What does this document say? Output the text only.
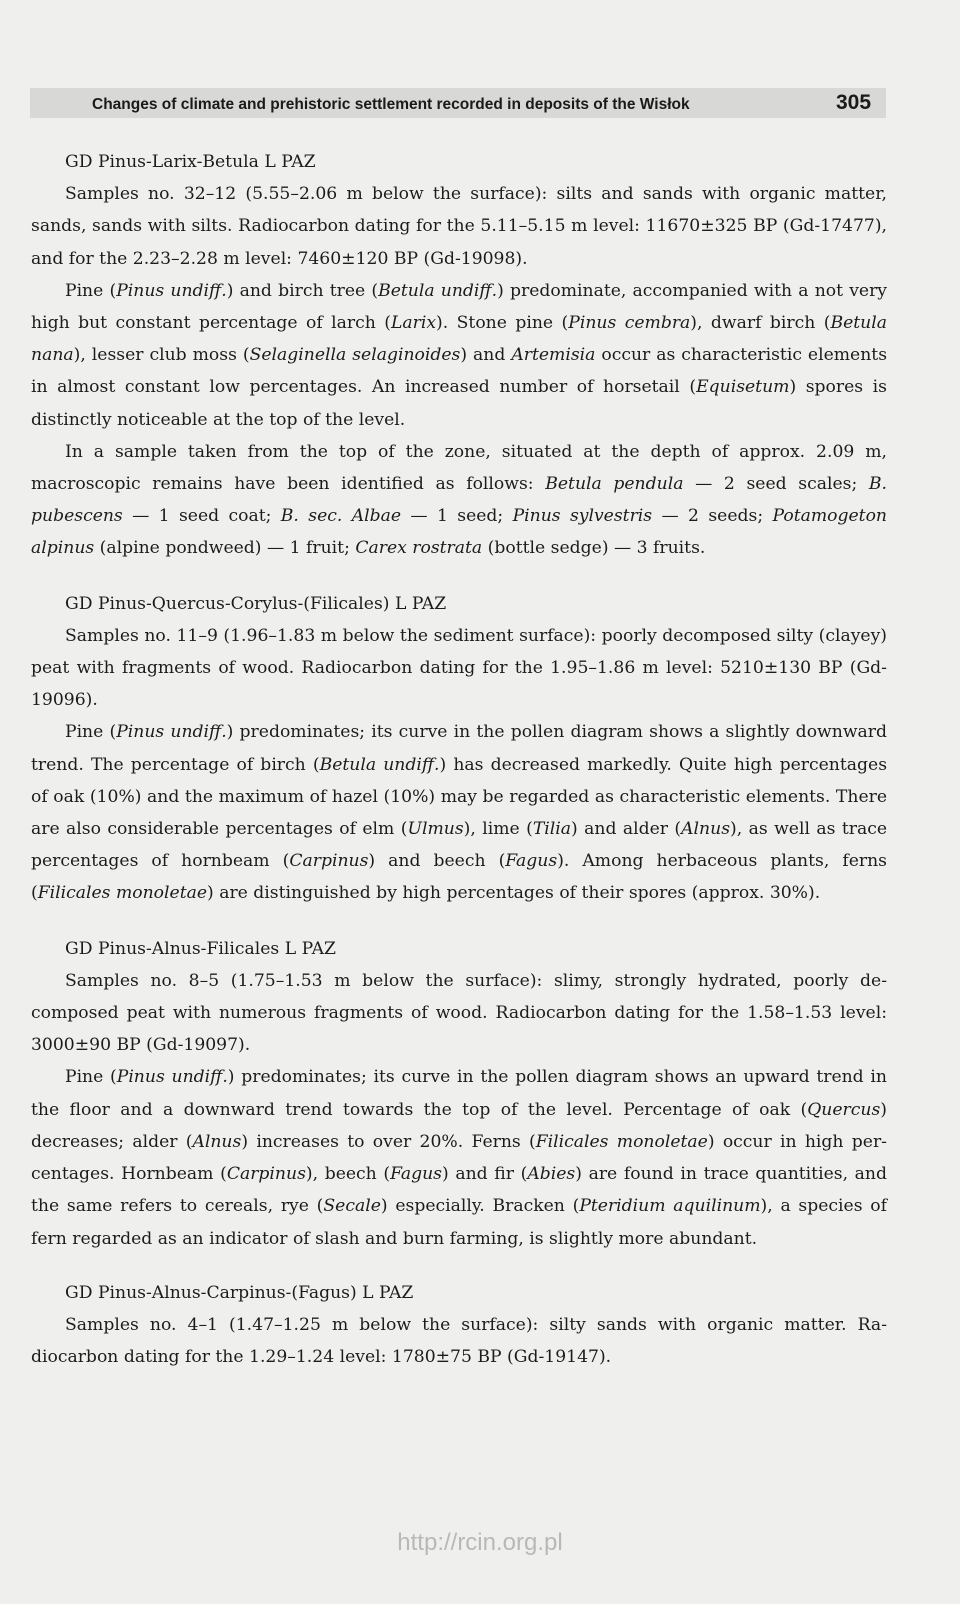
Changes of climate and prehistoric settlement recorded in deposits of the Wisłok	305

GD Pinus-Larix-Betula L PAZ

Samples no. 32–12 (5.55–2.06 m below the surface): silts and sands with organic matter, sands, sands with silts. Radiocarbon dating for the 5.11–5.15 m level: 11670±325 BP (Gd-17477), and for the 2.23–2.28 m level: 7460±120 BP (Gd-19098).

Pine (Pinus undiff.) and birch tree (Betula undiff.) predominate, accompanied with a not very high but constant percentage of larch (Larix). Stone pine (Pinus cembra), dwarf birch (Betula nana), lesser club moss (Selaginella selaginoides) and Artemisia occur as characteristic elements in almost constant low percentages. An increased number of horsetail (Equisetum) spores is distinctly noticeable at the top of the level.

In a sample taken from the top of the zone, situated at the depth of approx. 2.09 m, macroscopic remains have been identified as follows: Betula pendula — 2 seed scales; B. pubescens — 1 seed coat; B. sec. Albae — 1 seed; Pinus sylvestris — 2 seeds; Potamogeton alpinus (alpine pondweed) — 1 fruit; Carex rostrata (bottle sedge) — 3 fruits.

GD Pinus-Quercus-Corylus-(Filicales) L PAZ

Samples no. 11–9 (1.96–1.83 m below the sediment surface): poorly decomposed silty (clayey) peat with fragments of wood. Radiocarbon dating for the 1.95–1.86 m level: 5210±130 BP (Gd-19096).

Pine (Pinus undiff.) predominates; its curve in the pollen diagram shows a slightly downward trend. The percentage of birch (Betula undiff.) has decreased markedly. Quite high percentages of oak (10%) and the maximum of hazel (10%) may be regarded as characteristic elements. There are also considerable percentages of elm (Ulmus), lime (Tilia) and alder (Alnus), as well as trace percentages of hornbeam (Carpinus) and beech (Fagus). Among herbaceous plants, ferns (Filicales monoletae) are distinguished by high percentages of their spores (approx. 30%).

GD Pinus-Alnus-Filicales L PAZ

Samples no. 8–5 (1.75–1.53 m below the surface): slimy, strongly hydrated, poorly decomposed peat with numerous fragments of wood. Radiocarbon dating for the 1.58–1.53 level: 3000±90 BP (Gd-19097).

Pine (Pinus undiff.) predominates; its curve in the pollen diagram shows an upward trend in the floor and a downward trend towards the top of the level. Percentage of oak (Quercus) decreases; alder (Alnus) increases to over 20%. Ferns (Filicales monoletae) occur in high percentages. Hornbeam (Carpinus), beech (Fagus) and fir (Abies) are found in trace quantities, and the same refers to cereals, rye (Secale) especially. Bracken (Pteridium aquilinum), a species of fern regarded as an indicator of slash and burn farming, is slightly more abundant.

GD Pinus-Alnus-Carpinus-(Fagus) L PAZ

Samples no. 4–1 (1.47–1.25 m below the surface): silty sands with organic matter. Radiocarbon dating for the 1.29–1.24 level: 1780±75 BP (Gd-19147).

http://rcin.org.pl
